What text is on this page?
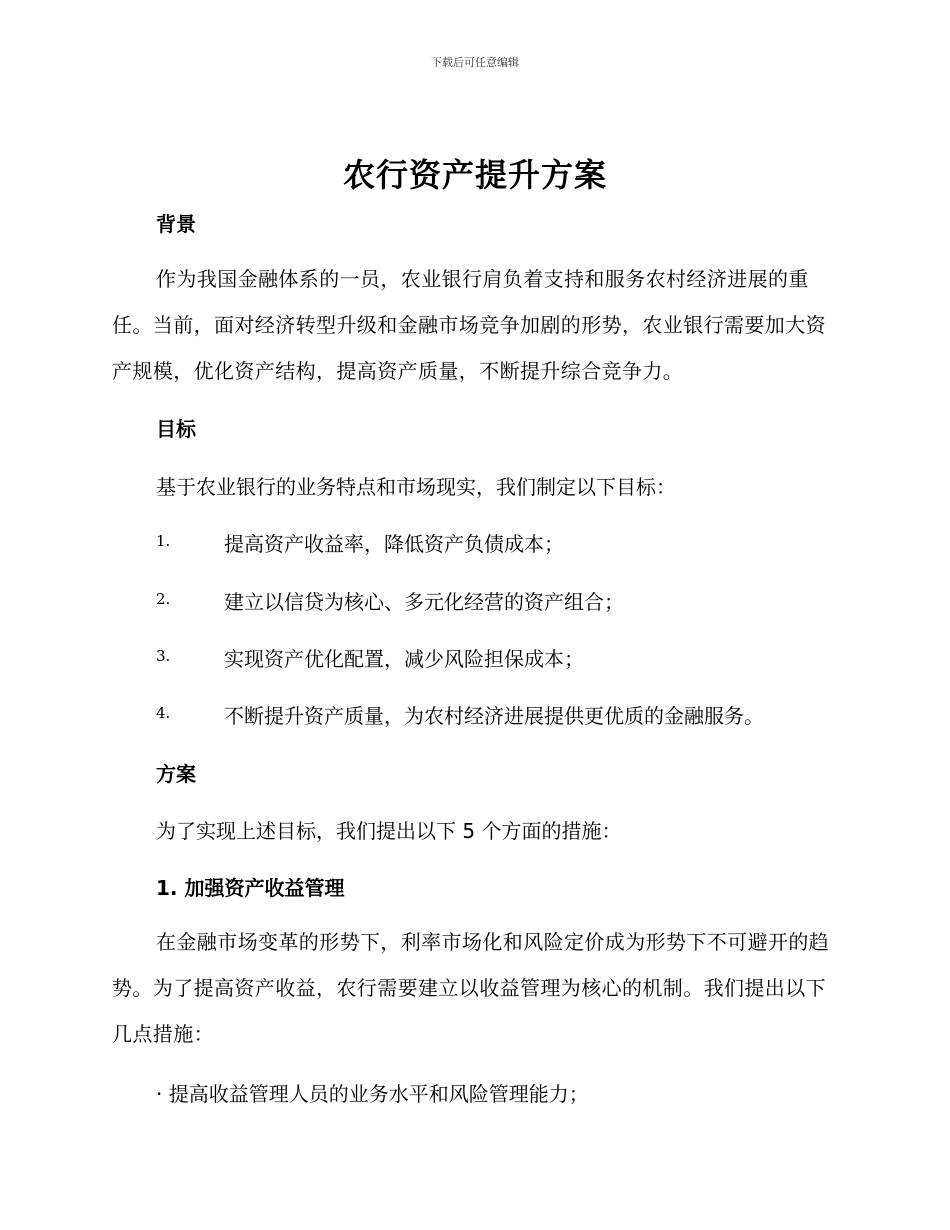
下载后可任意编辑
农行资产提升方案
背景

作为我国金融体系的一员，农业银行肩负着支持和服务农村经济进展的重任。当前，面对经济转型升级和金融市场竞争加剧的形势，农业银行需要加大资产规模，优化资产结构，提高资产质量，不断提升综合竞争力。

目标

基于农业银行的业务特点和市场现实，我们制定以下目标：

1.	提高资产收益率，降低资产负债成本；
2.	建立以信贷为核心、多元化经营的资产组合；
3.	实现资产优化配置，减少风险担保成本；
4.	不断提升资产质量，为农村经济进展提供更优质的金融服务。
方案

为了实现上述目标，我们提出以下 5 个方面的措施：

1. 加强资产收益管理

在金融市场变革的形势下，利率市场化和风险定价成为形势下不可避开的趋势。为了提高资产收益，农行需要建立以收益管理为核心的机制。我们提出以下几点措施：

· 提高收益管理人员的业务水平和风险管理能力；
